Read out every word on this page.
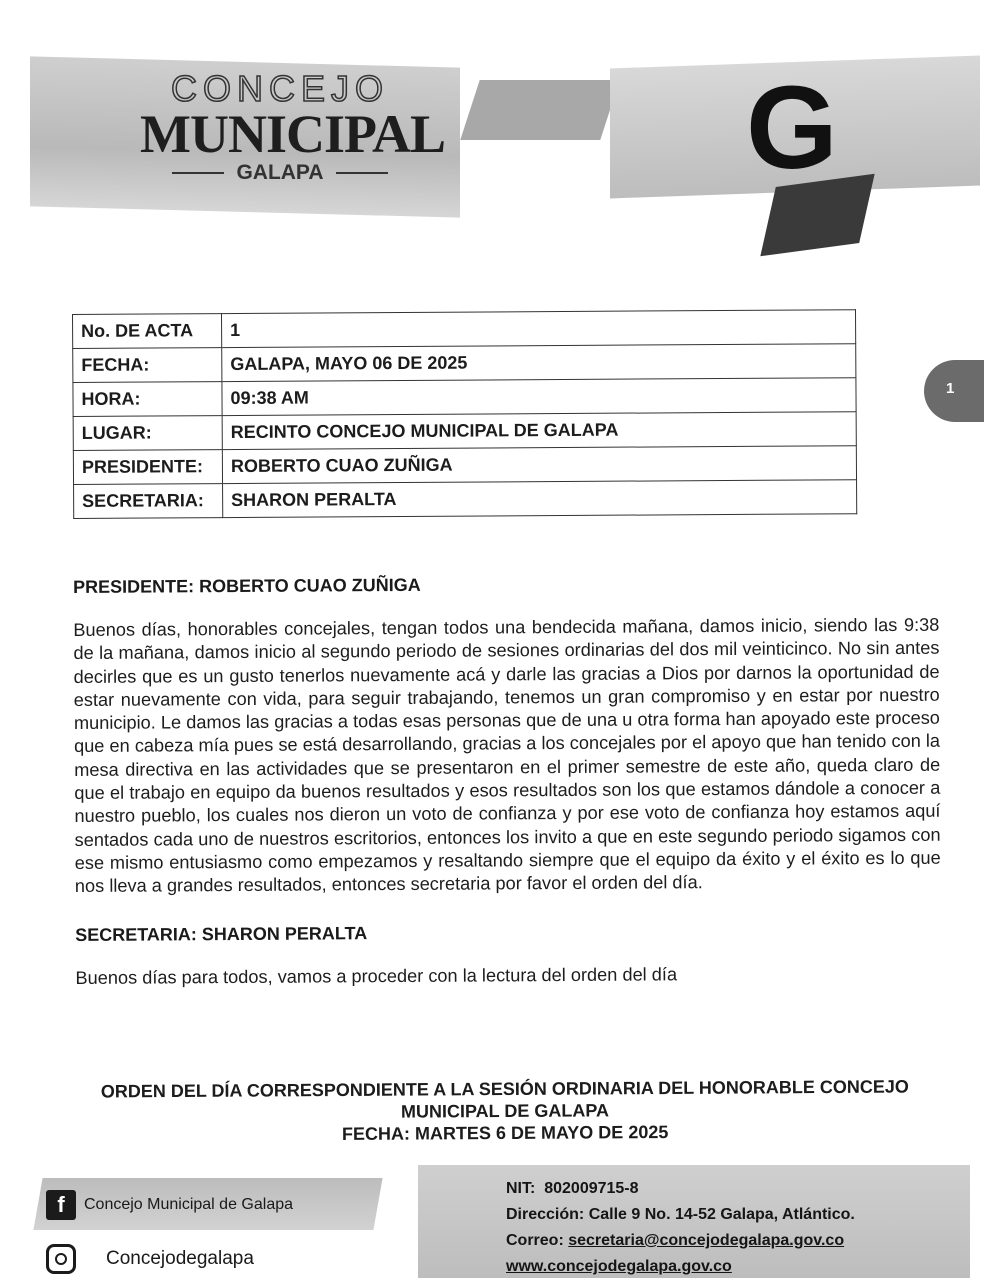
CONCEJO
MUNICIPAL
GALAPA	G
1
No. DE ACTA	1
FECHA:	GALAPA, MAYO 06 DE 2025
HORA:	09:38 AM
LUGAR:	RECINTO CONCEJO MUNICIPAL DE GALAPA
PRESIDENTE:	ROBERTO CUAO ZUÑIGA
SECRETARIA:	SHARON PERALTA

PRESIDENTE: ROBERTO CUAO ZUÑIGA

Buenos días, honorables concejales, tengan todos una bendecida mañana, damos inicio, siendo las 9:38 de la mañana, damos inicio al segundo periodo de sesiones ordinarias del dos mil veinticinco. No sin antes decirles que es un gusto tenerlos nuevamente acá y darle las gracias a Dios por darnos la oportunidad de estar nuevamente con vida, para seguir trabajando, tenemos un gran compromiso y en estar por nuestro municipio. Le damos las gracias a todas esas personas que de una u otra forma han apoyado este proceso que en cabeza mía pues se está desarrollando, gracias a los concejales por el apoyo que han tenido con la mesa directiva en las actividades que se presentaron en el primer semestre de este año, queda claro de que el trabajo en equipo da buenos resultados y esos resultados son los que estamos dándole a conocer a nuestro pueblo, los cuales nos dieron un voto de confianza y por ese voto de confianza hoy estamos aquí sentados cada uno de nuestros escritorios, entonces los invito a que en este segundo periodo sigamos con ese mismo entusiasmo como empezamos y resaltando siempre que el equipo da éxito y el éxito es lo que nos lleva a grandes resultados, entonces secretaria por favor el orden del día.

SECRETARIA: SHARON PERALTA

Buenos días para todos, vamos a proceder con la lectura del orden del día

ORDEN DEL DÍA CORRESPONDIENTE A LA SESIÓN ORDINARIA DEL HONORABLE CONCEJO

MUNICIPAL DE GALAPA

FECHA: MARTES 6 DE MAYO DE 2025

f	Concejo Municipal de Galapa
Concejodegalapa
NIT: 802009715-8
Dirección: Calle 9 No. 14-52 Galapa, Atlántico.
Correo: secretaria@concejodegalapa.gov.co
www.concejodegalapa.gov.co
